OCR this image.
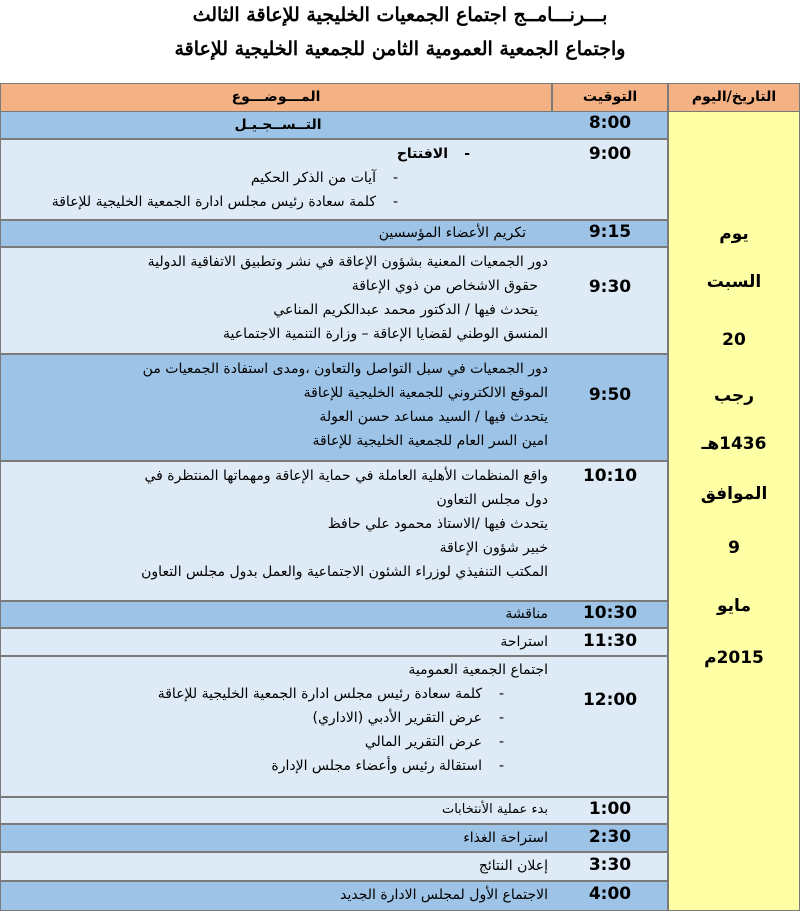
بـــرنـــامــج اجتماع الجمعيات الخليجية للإعاقة الثالث
واجتماع الجمعية العمومية الثامن للجمعية الخليجية للإعاقة
المـــوضـــوع	التوقيت	التاريخ/اليوم
يوم
السبت
20
رجب
1436هـ
الموافق
9
مايو
2015م
8:00
التــســجـيـل
9:00
-الافتتاح
-آيات من الذكر الحكيم
-كلمة سعادة رئيس مجلس ادارة الجمعية الخليجية للإعاقة
9:15
تكريم الأعضاء المؤسسين
9:30
دور الجمعيات المعنية بشؤون الإعاقة في نشر وتطبيق الاتفاقية الدولية
حقوق الاشخاص من ذوي الإعاقة
يتحدث فيها / الدكتور محمد عبدالكريم المناعي
المنسق الوطني لقضايا الإعاقة – وزارة التنمية الاجتماعية
9:50
دور الجمعيات في سبل التواصل والتعاون ،ومدى استفادة الجمعيات من
الموقع الالكتروني للجمعية الخليجية للإعاقة
يتحدث فيها / السيد مساعد حسن العولة
امين السر العام للجمعية الخليجية للإعاقة
10:10
واقع المنظمات الأهلية العاملة في حماية الإعاقة ومهماتها المنتظرة في
دول مجلس التعاون
يتحدث فيها /الاستاذ محمود علي حافظ
خبير شؤون الإعاقة
المكتب التنفيذي لوزراء الشئون الاجتماعية والعمل بدول مجلس التعاون
10:30
مناقشة
11:30
استراحة
12:00
اجتماع الجمعية العمومية
-كلمة سعادة رئيس مجلس ادارة الجمعية الخليجية للإعاقة
-عرض التقرير الأدبي (الاداري)
-عرض التقرير المالي
-استقالة رئيس وأعضاء مجلس الإدارة
1:00
بدء عملية الأنتخابات
2:30
استراحة الغذاء
3:30
إعلان النتائج
4:00
الاجتماع الأول لمجلس الادارة الجديد
